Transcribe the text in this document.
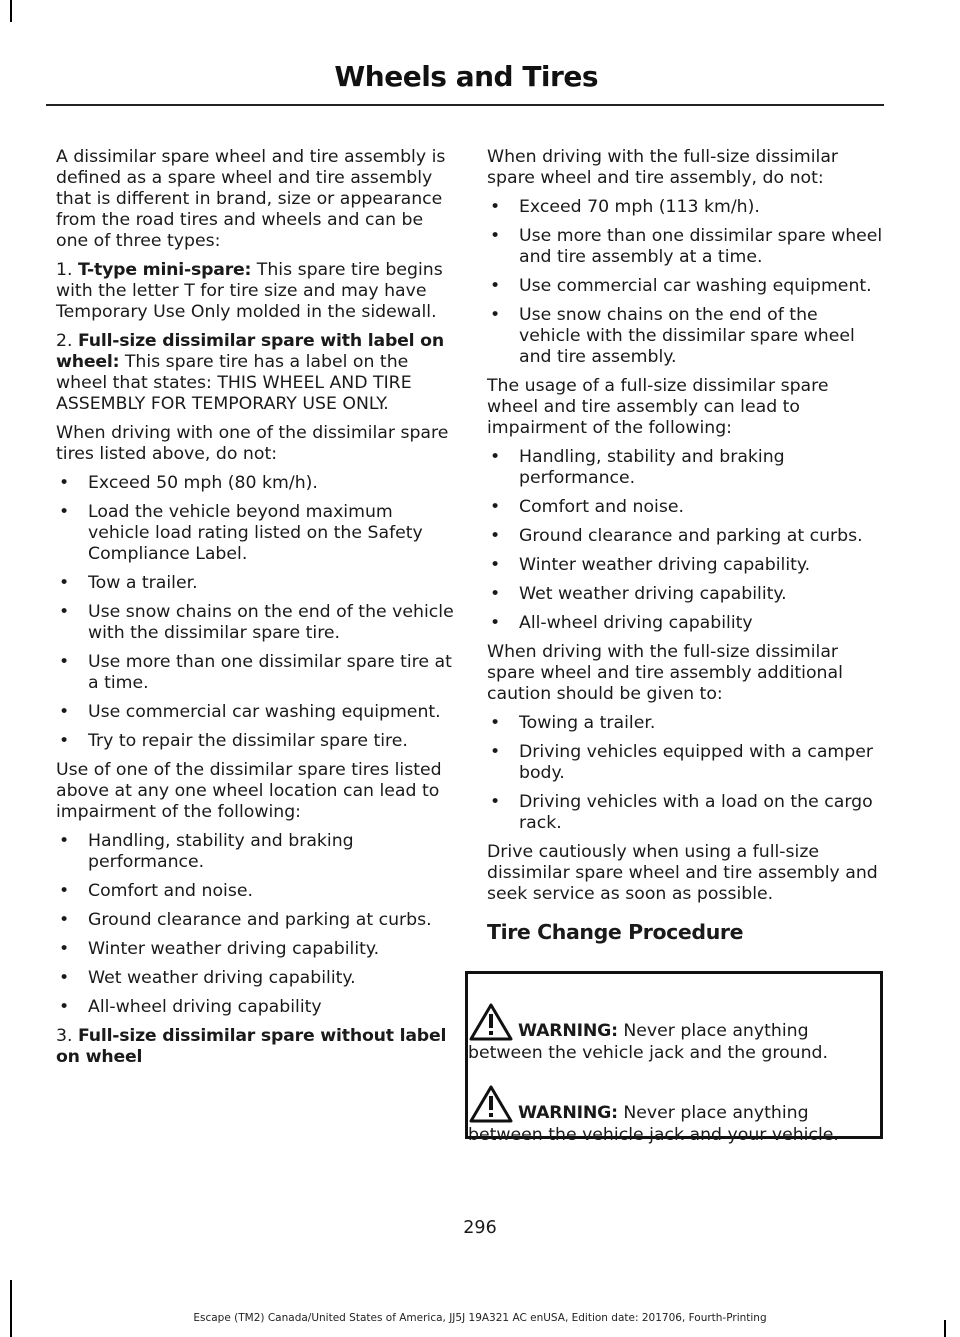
Wheels and Tires

A dissimilar spare wheel and tire assembly is defined as a spare wheel and tire assembly that is different in brand, size or appearance from the road tires and wheels and can be one of three types:

1. T-type mini-spare: This spare tire begins with the letter T for tire size and may have Temporary Use Only molded in the sidewall.

2. Full-size dissimilar spare with label on wheel: This spare tire has a label on the wheel that states: THIS WHEEL AND TIRE ASSEMBLY FOR TEMPORARY USE ONLY.

When driving with one of the dissimilar spare tires listed above, do not:

• Exceed 50 mph (80 km/h).
• Load the vehicle beyond maximum vehicle load rating listed on the Safety Compliance Label.
• Tow a trailer.
• Use snow chains on the end of the vehicle with the dissimilar spare tire.
• Use more than one dissimilar spare tire at a time.
• Use commercial car washing equipment.
• Try to repair the dissimilar spare tire.

Use of one of the dissimilar spare tires listed above at any one wheel location can lead to impairment of the following:

• Handling, stability and braking performance.
• Comfort and noise.
• Ground clearance and parking at curbs.
• Winter weather driving capability.
• Wet weather driving capability.
• All-wheel driving capability

3. Full-size dissimilar spare without label on wheel

When driving with the full-size dissimilar spare wheel and tire assembly, do not:

• Exceed 70 mph (113 km/h).
• Use more than one dissimilar spare wheel and tire assembly at a time.
• Use commercial car washing equipment.
• Use snow chains on the end of the vehicle with the dissimilar spare wheel and tire assembly.

The usage of a full-size dissimilar spare wheel and tire assembly can lead to impairment of the following:

• Handling, stability and braking performance.
• Comfort and noise.
• Ground clearance and parking at curbs.
• Winter weather driving capability.
• Wet weather driving capability.
• All-wheel driving capability

When driving with the full-size dissimilar spare wheel and tire assembly additional caution should be given to:

• Towing a trailer.
• Driving vehicles equipped with a camper body.
• Driving vehicles with a load on the cargo rack.

Drive cautiously when using a full-size dissimilar spare wheel and tire assembly and seek service as soon as possible.

Tire Change Procedure
WARNING: Never place anything between the vehicle jack and the ground.
WARNING: Never place anything between the vehicle jack and your vehicle.
296
Escape (TM2) Canada/United States of America, JJ5J 19A321 AC enUSA, Edition date: 201706, Fourth-Printing
